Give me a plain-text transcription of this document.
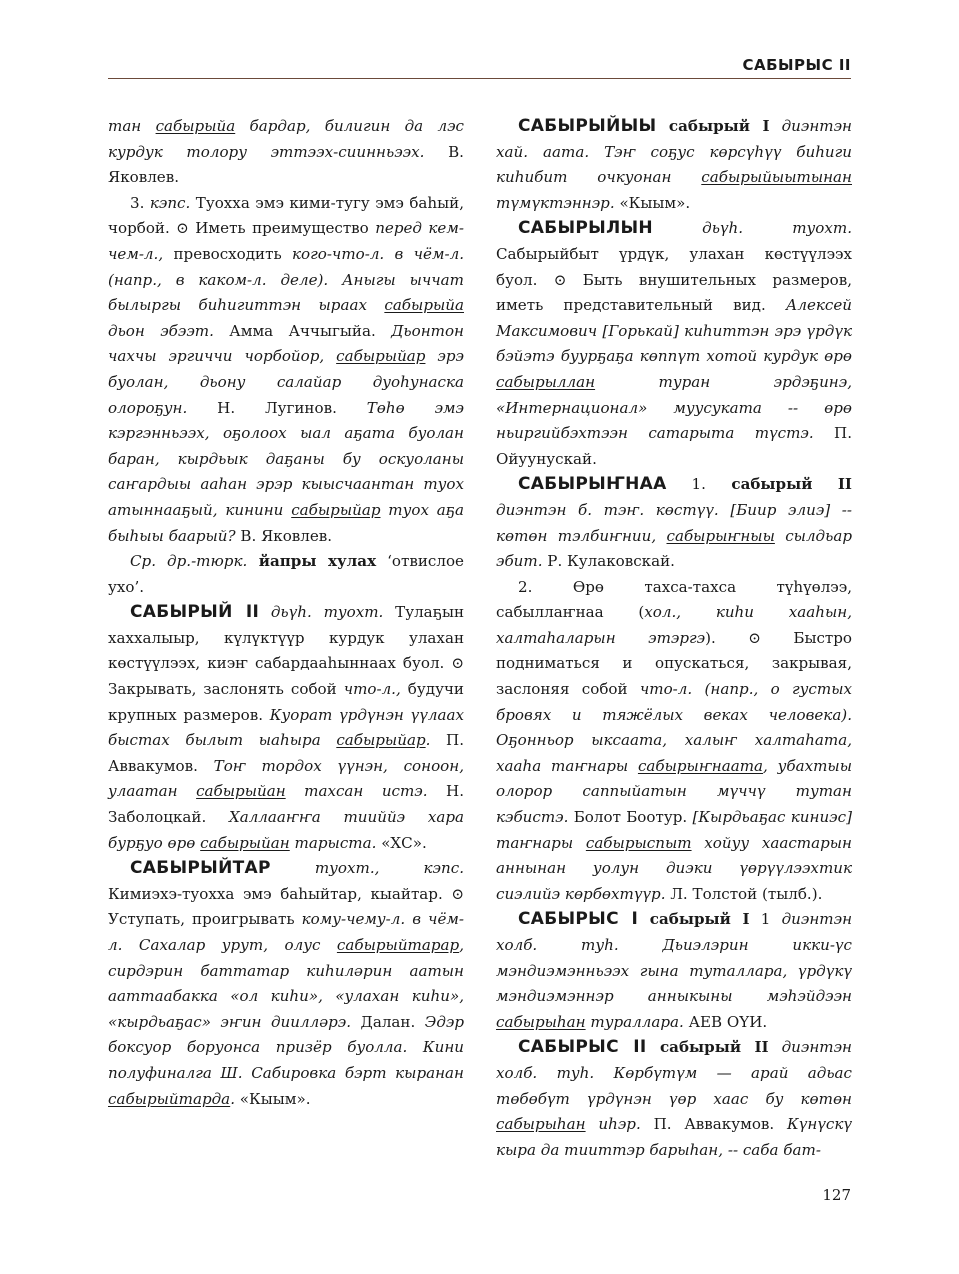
САБЫРЫС II

тан сабырыйа бардар, билигин да лэс курдук толору эттээх-сиинньээх. В. Яковлев.

3. кэпс. Туохха эмэ кими-тугу эмэ баһый, чорбой. ⊙ Иметь преимущество перед кем-чем-л., превосходить кого-что-л. в чём-л. (напр., в каком-л. деле). Аныгы ыччат былыргы биһигиттэн ыраах сабырыйа дьон эбээт. Амма Аччыгыйа. Дьонтон чахчы эргиччи чорбойор, сабырыйар эрэ буолан, дьону салайар дуоһунаска олороҕун. Н. Лугинов. Төһө эмэ кэргэнньээх, оҕолоох ыал аҕата буолан баран, кырдьык даҕаны бу оскуоланы саҥардыы ааһан эрэр кыысчаантан туох атыннааҕый, кинини сабырыйар туох аҕа быһыы баарый? В. Яковлев.

Ср. др.-тюрк. йапры хулах ‘отвислое ухо’.

САБЫРЫЙ II дьүһ. туохт. Тулаҕын хаххалыыр, күлүктүүр курдук улахан көстүүлээх, киэҥ сабардааһыннаах буол. ⊙ Закрывать, заслонять собой что-л., будучи крупных размеров. Куорат үрдүнэн үүлаах быстах былыт ыаһыра сабырыйар. П. Аввакумов. Тоҥ тордох үүнэн, соноон, улаатан сабырыйан тахсан истэ. Н. Заболоцкай. Халлааҥҥа тииййэ хара бурҕуо өрө сабырыйан тарыста. «ХС».

САБЫРЫЙТАР туохт., кэпс. Кимиэхэ-туохха эмэ баһыйтар, кыайтар. ⊙ Уступать, проигрывать кому-чему-л. в чём-л. Сахалар урут, олус сабырыйтарар, сирдэрин баттатар киһиләрин аатын ааттаабакка «ол киһи», «улахан киһи», «кырдьаҕас» эҥин диилләрэ. Далан. Эдэр боксуор боруонса призёр буолла. Кини полуфиналга Ш. Сабировка бэрт кыранан сабырыйтарда. «Кыым».

САБЫРЫЙЫЫ сабырый I диэнтэн хай. аата. Тэҥ соҕус көрсүһүү биһиги киһибит очкуонан сабырыйыытынан түмүктэннэр. «Кыым».

САБЫРЫЛЫН дьүһ. туохт. Сабырыйбыт үрдүк, улахан көстүүлээх буол. ⊙ Быть внушительных размеров, иметь представительный вид. Алексей Максимович [Горькай] киһиттэн эрэ үрдүк бэйэтэ буурҕаҕа көппүт хотой курдук өрө сабырыллан туран эрдэҕинэ, «Интернационал» муусуката -- өрө ньиргийбэхтээн сатарыта түстэ. П. Ойуунускай.

САБЫРЫҤНАА 1. сабырый II диэнтэн б. тэҥ. көстүү. [Биир элиэ] -- көтөн тэлбиҥнии, сабырыҥныы сылдьар эбит. Р. Кулаковскай.

2. Өрө тахса-тахса түһүөлээ, сабыллаҥнаа (хол., киһи хааһын, халтаһаларын этэргэ). ⊙ Быстро подниматься и опускаться, закрывая, заслоняя собой что-л. (напр., о густых бровях и тяжёлых веках человека). Оҕонньор ыксаата, халыҥ халтаһата, хааһа таҥнары сабырыҥнаата, убахтыы олорор саппыйатын мүччү тутан кэбистэ. Болот Боотур. [Кырдьаҕас киниэс] таҥнары сабырыспыт хойуу хаастарын аннынан уолун диэки үөрүүлээхтик сиэлийэ көрбөхтүүр. Л. Толстой (тылб.).

САБЫРЫС I сабырый I 1 диэнтэн холб. туһ. Дьиэлэрин икки-үс мэндиэмэнньээх гына туталлара, үрдүкү мэндиэмэннэр анныкыны мэһэйдээн сабырыһан тураллара. АЕВ ОҮИ.

САБЫРЫС II сабырый II диэнтэн холб. туһ. Көрбүтүм — арай адьас төбөбүт үрдүнэн үөр хаас бу көтөн сабырыһан иһэр. П. Аввакумов. Күнүскү кыра да тииттэр барыһан, -- саба бат-

127
